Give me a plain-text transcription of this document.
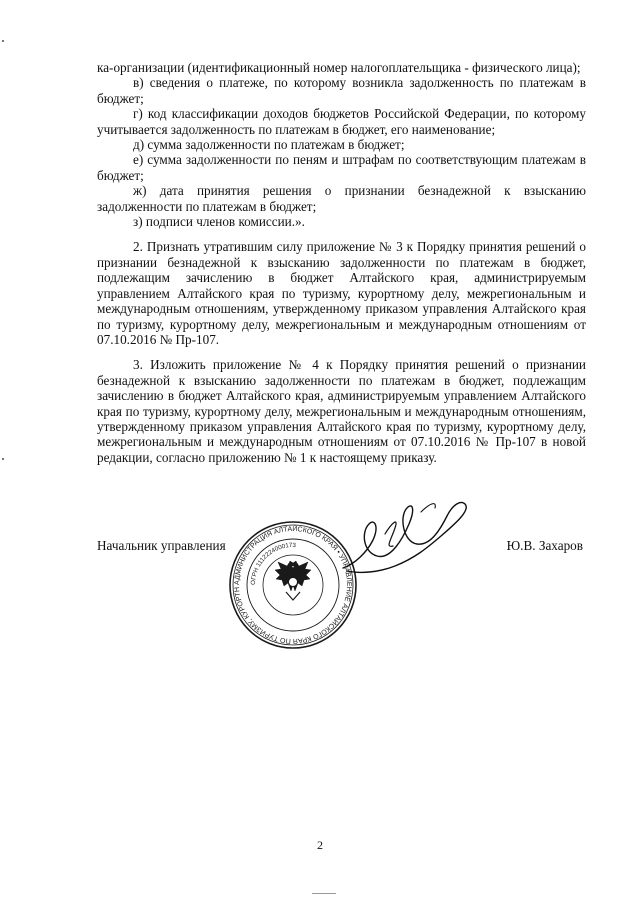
ка-организации (идентификационный номер налогоплательщика - физического лица);

в) сведения о платеже, по которому возникла задолженность по платежам в бюджет;

г) код классификации доходов бюджетов Российской Федерации, по которому учитывается задолженность по платежам в бюджет, его наименование;

д) сумма задолженности по платежам в бюджет;

е) сумма задолженности по пеням и штрафам по соответствующим платежам в бюджет;

ж) дата принятия решения о признании безнадежной к взысканию задолженности по платежам в бюджет;

з) подписи членов комиссии.».

2. Признать утратившим силу приложение № 3 к Порядку принятия решений о признании безнадежной к взысканию задолженности по платежам в бюджет, подлежащим зачислению в бюджет Алтайского края, администрируемым управлением Алтайского края по туризму, курортному делу, межрегиональным и международным отношениям, утвержденному приказом управления Алтайского края по туризму, курортному делу, межрегиональным и международным отношениям от 07.10.2016 № Пр-107.

3. Изложить приложение № 4 к Порядку принятия решений о признании безнадежной к взысканию задолженности по платежам в бюджет, подлежащим зачислению в бюджет Алтайского края, администрируемым управлением Алтайского края по туризму, курортному делу, межрегиональным и международным отношениям, утвержденному приказом управления Алтайского края по туризму, курортному делу, межрегиональным и международным отношениям от 07.10.2016 № Пр-107 в новой редакции, согласно приложению № 1 к настоящему приказу.

Начальник управления	Ю.В. Захаров
АДМИНИСТРАЦИЯ АЛТАЙСКОГО КРАЯ • УПРАВЛЕНИЕ АЛТАЙСКОГО КРАЯ ПО ТУРИЗМУ, КУРОРТН
ОГРН 1112224000173
2
